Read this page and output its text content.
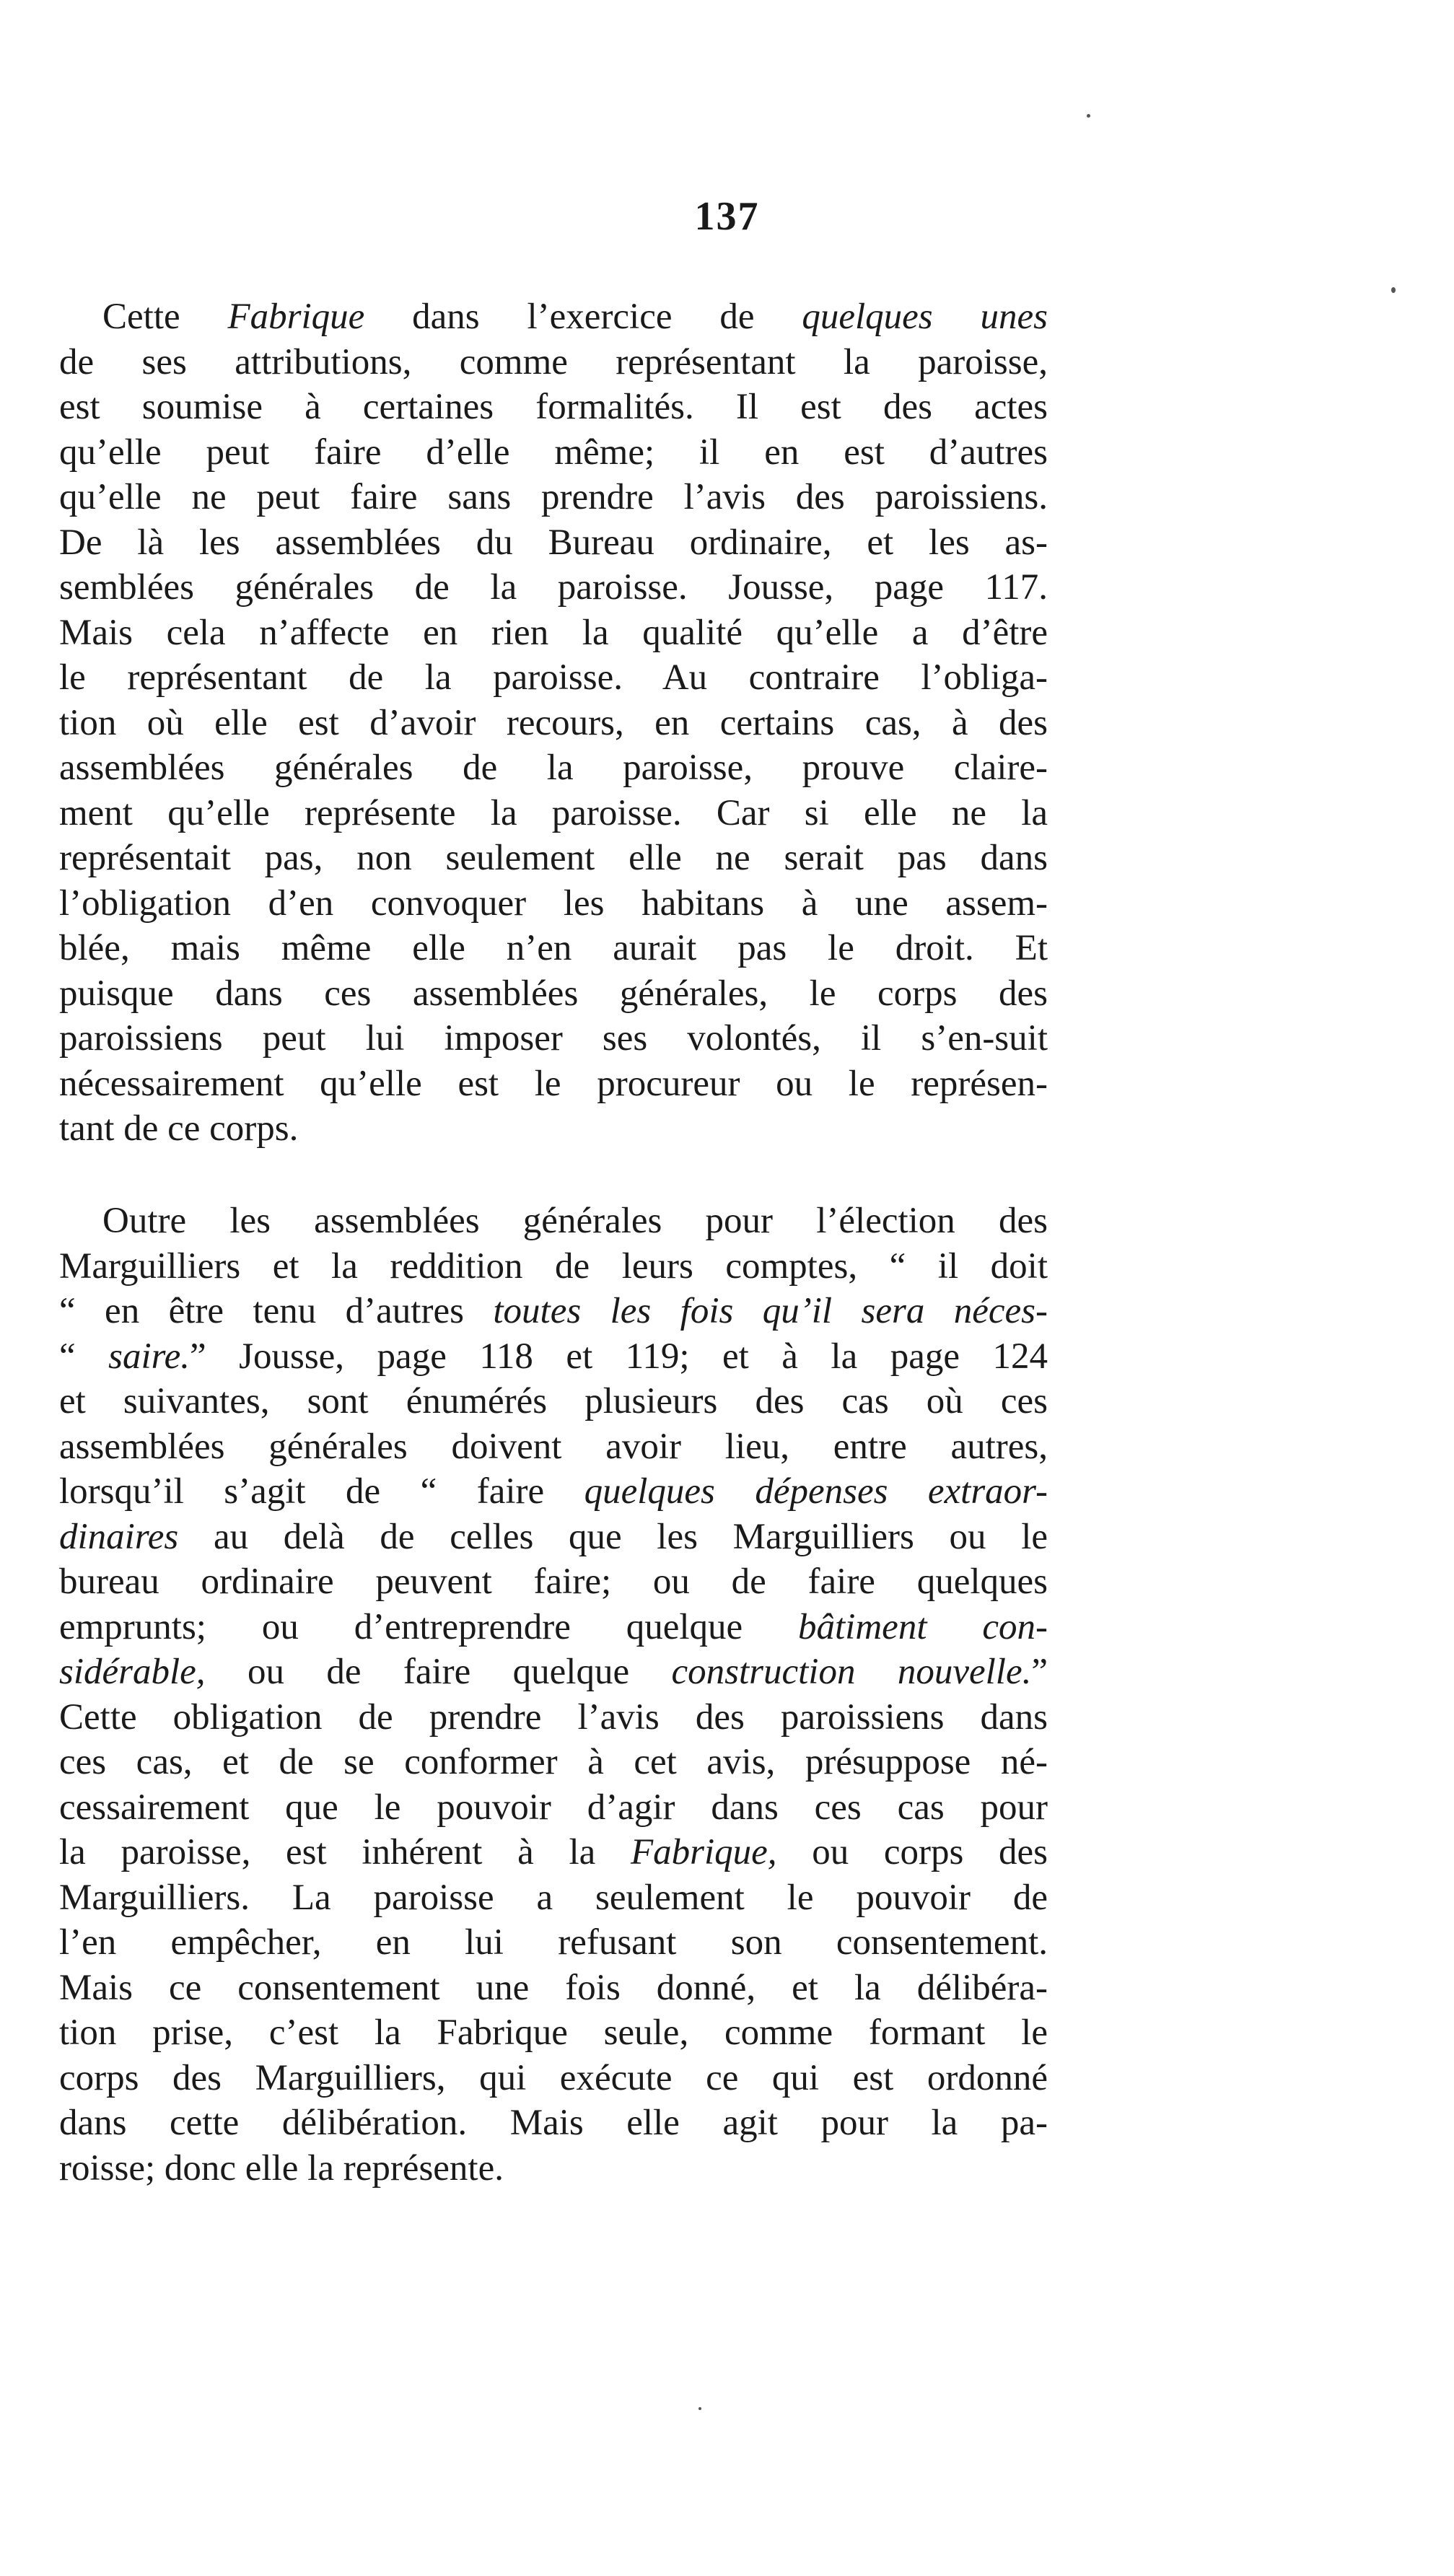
137
Cette Fabrique dans l’exercice de quelques unes
de ses attributions, comme représentant la paroisse,
est soumise à certaines formalités. Il est des actes
qu’elle peut faire d’elle même; il en est d’autres
qu’elle ne peut faire sans prendre l’avis des paroissiens.
De là les assemblées du Bureau ordinaire, et les as-
semblées générales de la paroisse. Jousse, page 117.
Mais cela n’affecte en rien la qualité qu’elle a d’être
le représentant de la paroisse. Au contraire l’obliga-
tion où elle est d’avoir recours, en certains cas, à des
assemblées générales de la paroisse, prouve claire-
ment qu’elle représente la paroisse. Car si elle ne la
représentait pas, non seulement elle ne serait pas dans
l’obligation d’en convoquer les habitans à une assem-
blée, mais même elle n’en aurait pas le droit. Et
puisque dans ces assemblées générales, le corps des
paroissiens peut lui imposer ses volontés, il s’en-suit
nécessairement qu’elle est le procureur ou le représen-
tant de ce corps.
Outre les assemblées générales pour l’élection des
Marguilliers et la reddition de leurs comptes, “ il doit
“ en être tenu d’autres toutes les fois qu’il sera néces-
“ saire.” Jousse, page 118 et 119; et à la page 124
et suivantes, sont énumérés plusieurs des cas où ces
assemblées générales doivent avoir lieu, entre autres,
lorsqu’il s’agit de “ faire quelques dépenses extraor-
dinaires au delà de celles que les Marguilliers ou le
bureau ordinaire peuvent faire; ou de faire quelques
emprunts; ou d’entreprendre quelque bâtiment con-
sidérable, ou de faire quelque construction nouvelle.”
Cette obligation de prendre l’avis des paroissiens dans
ces cas, et de se conformer à cet avis, présuppose né-
cessairement que le pouvoir d’agir dans ces cas pour
la paroisse, est inhérent à la Fabrique, ou corps des
Marguilliers. La paroisse a seulement le pouvoir de
l’en empêcher, en lui refusant son consentement.
Mais ce consentement une fois donné, et la délibéra-
tion prise, c’est la Fabrique seule, comme formant le
corps des Marguilliers, qui exécute ce qui est ordonné
dans cette délibération. Mais elle agit pour la pa-
roisse; donc elle la représente.
